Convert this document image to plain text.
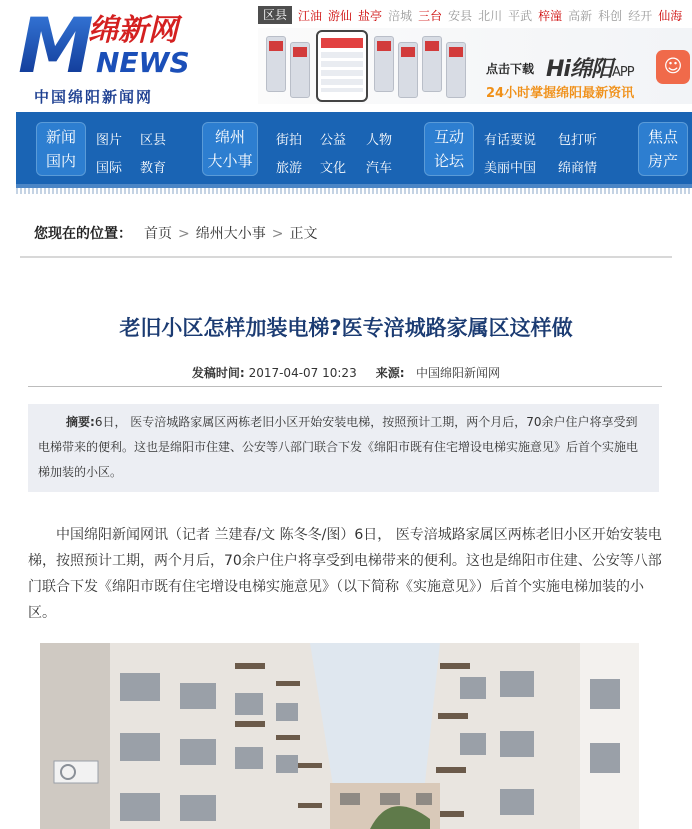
M
绵新网
NEWS
中国绵阳新闻网
区县 江油 游仙 盐亭 涪城 三台 安县 北川 平武 梓潼 高新 科创 经开 仙海
点击下载 Hi绵阳APP
24小时掌握绵阳最新资讯
☺
新闻
国内
图片 区县
国际 教育
绵州
大小事
街拍 公益 人物
旅游 文化 汽车
互动
论坛
有话要说 包打听
美丽中国 绵商情
焦点
房产
您现在的位置： 首页 > 绵州大小事 > 正文
老旧小区怎样加装电梯?医专涪城路家属区这样做
发稿时间: 2017-04-07 10:23 来源: 中国绵阳新闻网
摘要:6日， 医专涪城路家属区两栋老旧小区开始安装电梯，按照预计工期，两个月后，70余户住户将享受到电梯带来的便利。这也是绵阳市住建、公安等八部门联合下发《绵阳市既有住宅增设电梯实施意见》后首个实施电梯加装的小区。

中国绵阳新闻网讯（记者 兰建春/文 陈冬冬/图）6日， 医专涪城路家属区两栋老旧小区开始安装电梯，按照预计工期，两个月后，70余户住户将享受到电梯带来的便利。这也是绵阳市住建、公安等八部门联合下发《绵阳市既有住宅增设电梯实施意见》（以下简称《实施意见》）后首个实施电梯加装的小区。
